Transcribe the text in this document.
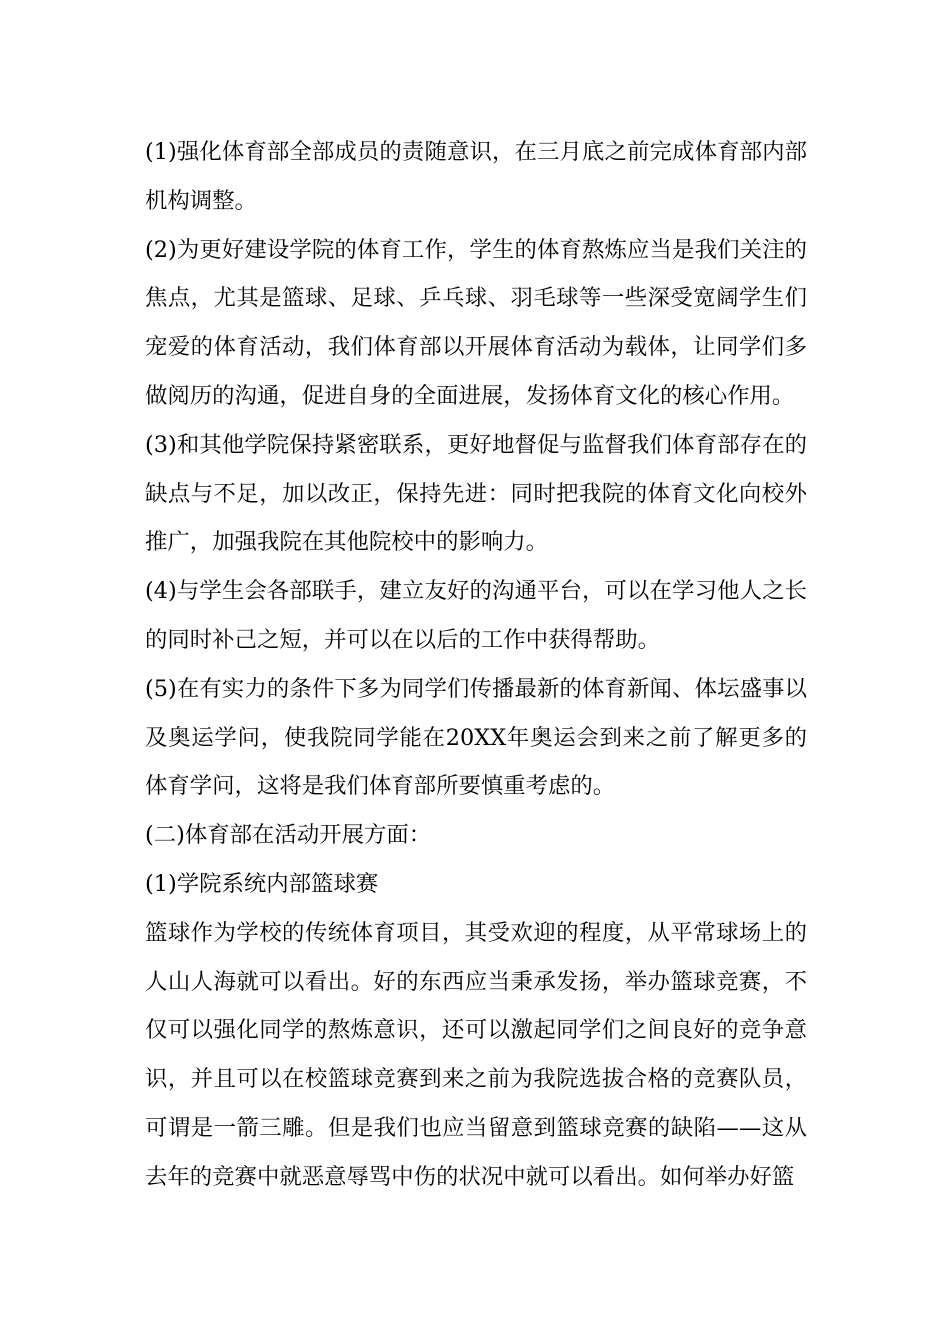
(1)强化体育部全部成员的责随意识，在三月底之前完成体育部内部机构调整。

(2)为更好建设学院的体育工作，学生的体育熬炼应当是我们关注的焦点，尤其是篮球、足球、乒乓球、羽毛球等一些深受宽阔学生们宠爱的体育活动，我们体育部以开展体育活动为载体，让同学们多做阅历的沟通，促进自身的全面进展，发扬体育文化的核心作用。

(3)和其他学院保持紧密联系，更好地督促与监督我们体育部存在的缺点与不足，加以改正，保持先进：同时把我院的体育文化向校外推广，加强我院在其他院校中的影响力。

(4)与学生会各部联手，建立友好的沟通平台，可以在学习他人之长的同时补己之短，并可以在以后的工作中获得帮助。

(5)在有实力的条件下多为同学们传播最新的体育新闻、体坛盛事以及奥运学问，使我院同学能在20XX年奥运会到来之前了解更多的体育学问，这将是我们体育部所要慎重考虑的。

(二)体育部在活动开展方面：

(1)学院系统内部篮球赛

篮球作为学校的传统体育项目，其受欢迎的程度，从平常球场上的人山人海就可以看出。好的东西应当秉承发扬，举办篮球竞赛，不仅可以强化同学的熬炼意识，还可以激起同学们之间良好的竞争意识，并且可以在校篮球竞赛到来之前为我院选拔合格的竞赛队员，可谓是一箭三雕。但是我们也应当留意到篮球竞赛的缺陷——这从去年的竞赛中就恶意辱骂中伤的状况中就可以看出。如何举办好篮
